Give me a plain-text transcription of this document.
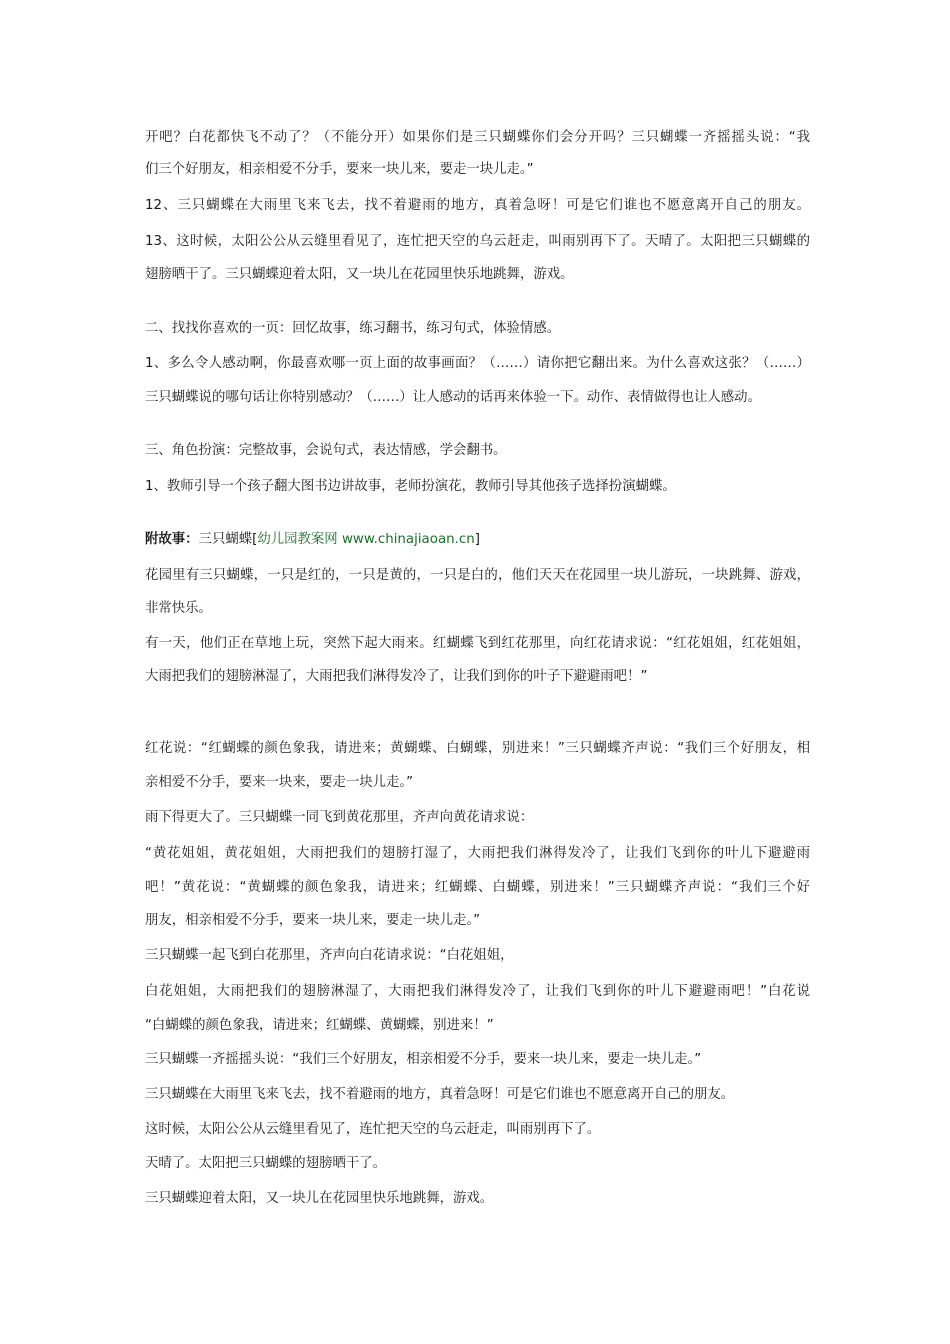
开吧？白花都快飞不动了？（不能分开）如果你们是三只蝴蝶你们会分开吗？三只蝴蝶一齐摇摇头说：“我
们三个好朋友，相亲相爱不分手，要来一块儿来，要走一块儿走。”
12、三只蝴蝶在大雨里飞来飞去，找不着避雨的地方，真着急呀！可是它们谁也不愿意离开自己的朋友。
13、这时候，太阳公公从云缝里看见了，连忙把天空的乌云赶走，叫雨别再下了。天晴了。太阳把三只蝴蝶的
翅膀晒干了。三只蝴蝶迎着太阳，又一块儿在花园里快乐地跳舞，游戏。
二、找找你喜欢的一页：回忆故事，练习翻书，练习句式，体验情感。
1、多么令人感动啊，你最喜欢哪一页上面的故事画面？（……）请你把它翻出来。为什么喜欢这张？（……）
三只蝴蝶说的哪句话让你特别感动？（……）让人感动的话再来体验一下。动作、表情做得也让人感动。
三、角色扮演：完整故事，会说句式，表达情感，学会翻书。
1、教师引导一个孩子翻大图书边讲故事，老师扮演花，教师引导其他孩子选择扮演蝴蝶。
附故事：三只蝴蝶[幼儿园教案网 www.chinajiaoan.cn]
花园里有三只蝴蝶，一只是红的，一只是黄的，一只是白的，他们天天在花园里一块儿游玩，一块跳舞、游戏，
非常快乐。
有一天，他们正在草地上玩，突然下起大雨来。红蝴蝶飞到红花那里，向红花请求说：“红花姐姐，红花姐姐，
大雨把我们的翅膀淋湿了，大雨把我们淋得发冷了，让我们到你的叶子下避避雨吧！”
红花说：“红蝴蝶的颜色象我，请进来；黄蝴蝶、白蝴蝶，别进来！”三只蝴蝶齐声说：“我们三个好朋友，相
亲相爱不分手，要来一块来，要走一块儿走。”
雨下得更大了。三只蝴蝶一同飞到黄花那里，齐声向黄花请求说：
“黄花姐姐，黄花姐姐，大雨把我们的翅膀打湿了，大雨把我们淋得发冷了，让我们飞到你的叶儿下避避雨
吧！”黄花说：“黄蝴蝶的颜色象我，请进来；红蝴蝶、白蝴蝶，别进来！”三只蝴蝶齐声说：“我们三个好
朋友，相亲相爱不分手，要来一块儿来，要走一块儿走。”
三只蝴蝶一起飞到白花那里，齐声向白花请求说：“白花姐姐，
白花姐姐，大雨把我们的翅膀淋湿了，大雨把我们淋得发冷了，让我们飞到你的叶儿下避避雨吧！”白花说
“白蝴蝶的颜色象我，请进来；红蝴蝶、黄蝴蝶，别进来！”
三只蝴蝶一齐摇摇头说：“我们三个好朋友，相亲相爱不分手，要来一块儿来，要走一块儿走。”
三只蝴蝶在大雨里飞来飞去，找不着避雨的地方，真着急呀！可是它们谁也不愿意离开自己的朋友。
这时候，太阳公公从云缝里看见了，连忙把天空的乌云赶走，叫雨别再下了。
天晴了。太阳把三只蝴蝶的翅膀晒干了。
三只蝴蝶迎着太阳，又一块儿在花园里快乐地跳舞，游戏。
